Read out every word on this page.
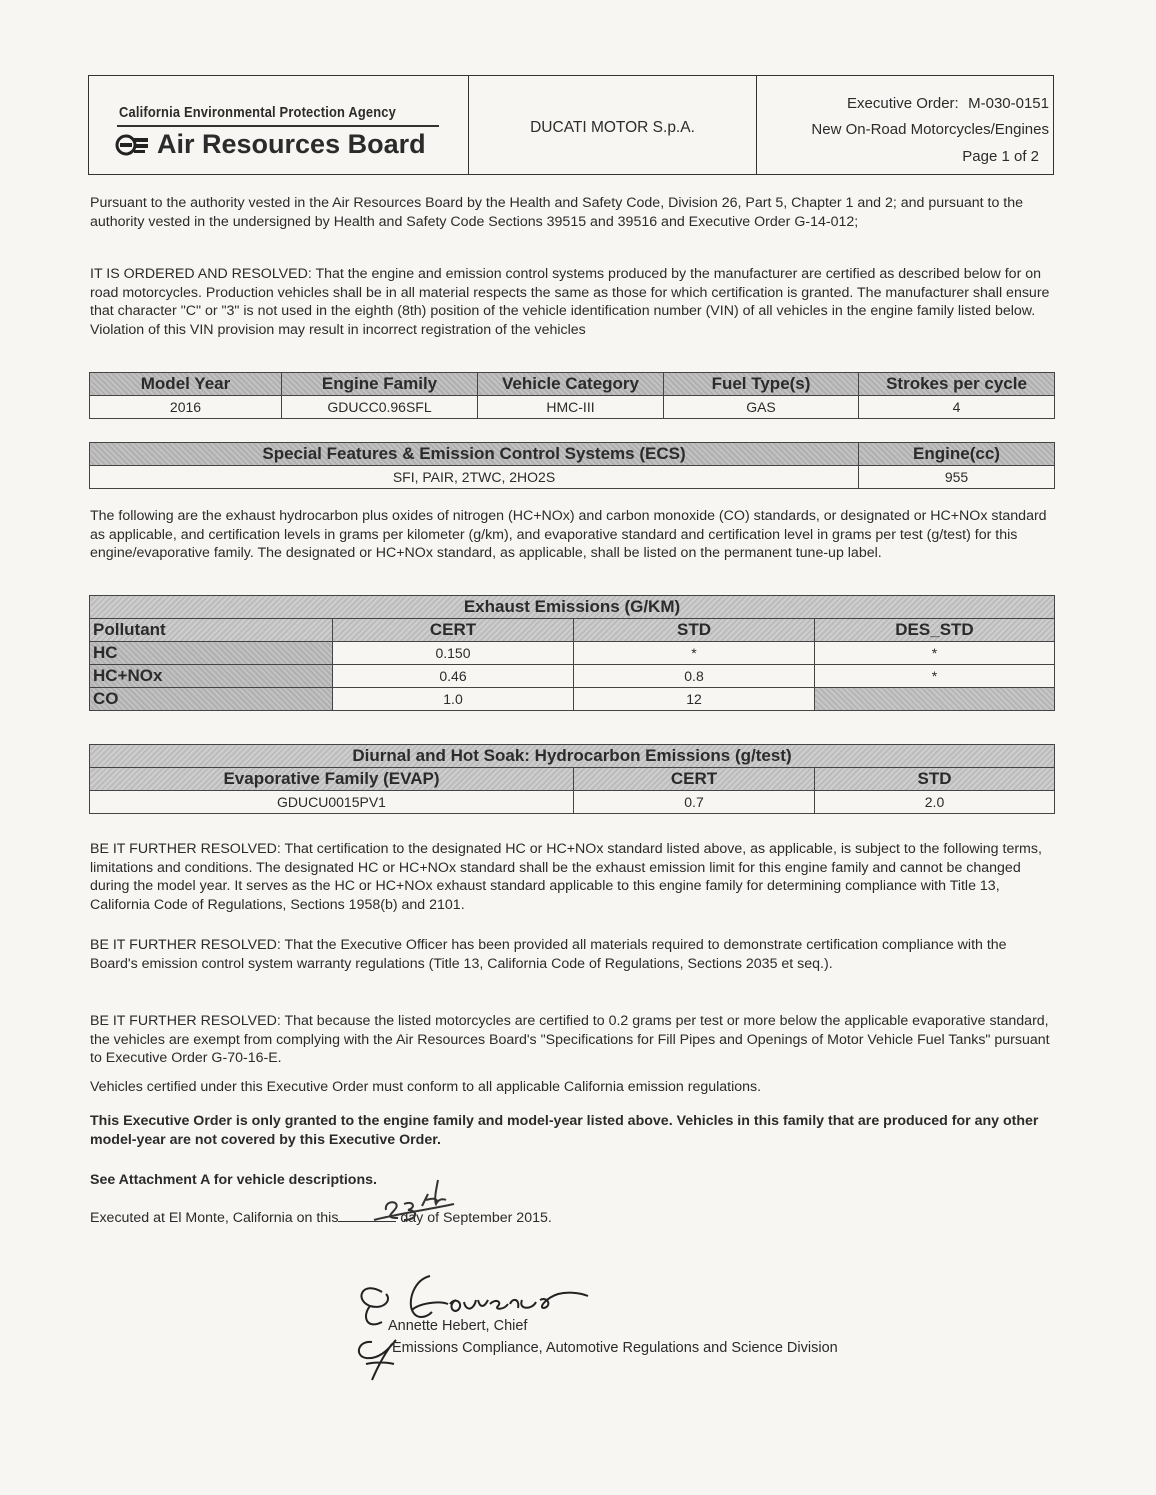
California Environmental Protection Agency
Air Resources Board
DUCATI MOTOR S.p.A.
Executive Order: M-030-0151
New On-Road Motorcycles/Engines
Page 1 of 2
Pursuant to the authority vested in the Air Resources Board by the Health and Safety Code, Division 26, Part 5, Chapter 1 and 2; and pursuant to the authority vested in the undersigned by Health and Safety Code Sections 39515 and 39516 and Executive Order G-14-012;
IT IS ORDERED AND RESOLVED: That the engine and emission control systems produced by the manufacturer are certified as described below for on road motorcycles. Production vehicles shall be in all material respects the same as those for which certification is granted. The manufacturer shall ensure that character "C" or "3" is not used in the eighth (8th) position of the vehicle identification number (VIN) of all vehicles in the engine family listed below. Violation of this VIN provision may result in incorrect registration of the vehicles
Model Year	Engine Family	Vehicle Category	Fuel Type(s)	Strokes per cycle
2016	GDUCC0.96SFL	HMC-III	GAS	4
Special Features & Emission Control Systems (ECS)	Engine(cc)
SFI, PAIR, 2TWC, 2HO2S	955
The following are the exhaust hydrocarbon plus oxides of nitrogen (HC+NOx) and carbon monoxide (CO) standards, or designated or HC+NOx standard as applicable, and certification levels in grams per kilometer (g/km), and evaporative standard and certification level in grams per test (g/test) for this engine/evaporative family. The designated or HC+NOx standard, as applicable, shall be listed on the permanent tune-up label.
Exhaust Emissions (G/KM)			
Pollutant	CERT	STD	DES_STD
HC	0.150	*	*
HC+NOx	0.46	0.8	*
CO	1.0	12	
Diurnal and Hot Soak: Hydrocarbon Emissions (g/test)		
Evaporative Family (EVAP)	CERT	STD
GDUCU0015PV1	0.7	2.0
BE IT FURTHER RESOLVED: That certification to the designated HC or HC+NOx standard listed above, as applicable, is subject to the following terms, limitations and conditions. The designated HC or HC+NOx standard shall be the exhaust emission limit for this engine family and cannot be changed during the model year. It serves as the HC or HC+NOx exhaust standard applicable to this engine family for determining compliance with Title 13, California Code of Regulations, Sections 1958(b) and 2101.
BE IT FURTHER RESOLVED: That the Executive Officer has been provided all materials required to demonstrate certification compliance with the Board's emission control system warranty regulations (Title 13, California Code of Regulations, Sections 2035 et seq.).
BE IT FURTHER RESOLVED: That because the listed motorcycles are certified to 0.2 grams per test or more below the applicable evaporative standard, the vehicles are exempt from complying with the Air Resources Board's "Specifications for Fill Pipes and Openings of Motor Vehicle Fuel Tanks" pursuant to Executive Order G-70-16-E.
Vehicles certified under this Executive Order must conform to all applicable California emission regulations.
This Executive Order is only granted to the engine family and model-year listed above. Vehicles in this family that are produced for any other model-year are not covered by this Executive Order.
See Attachment A for vehicle descriptions.
Executed at El Monte, California on this	day of September 2015.
Annette Hebert, Chief
Emissions Compliance, Automotive Regulations and Science Division
